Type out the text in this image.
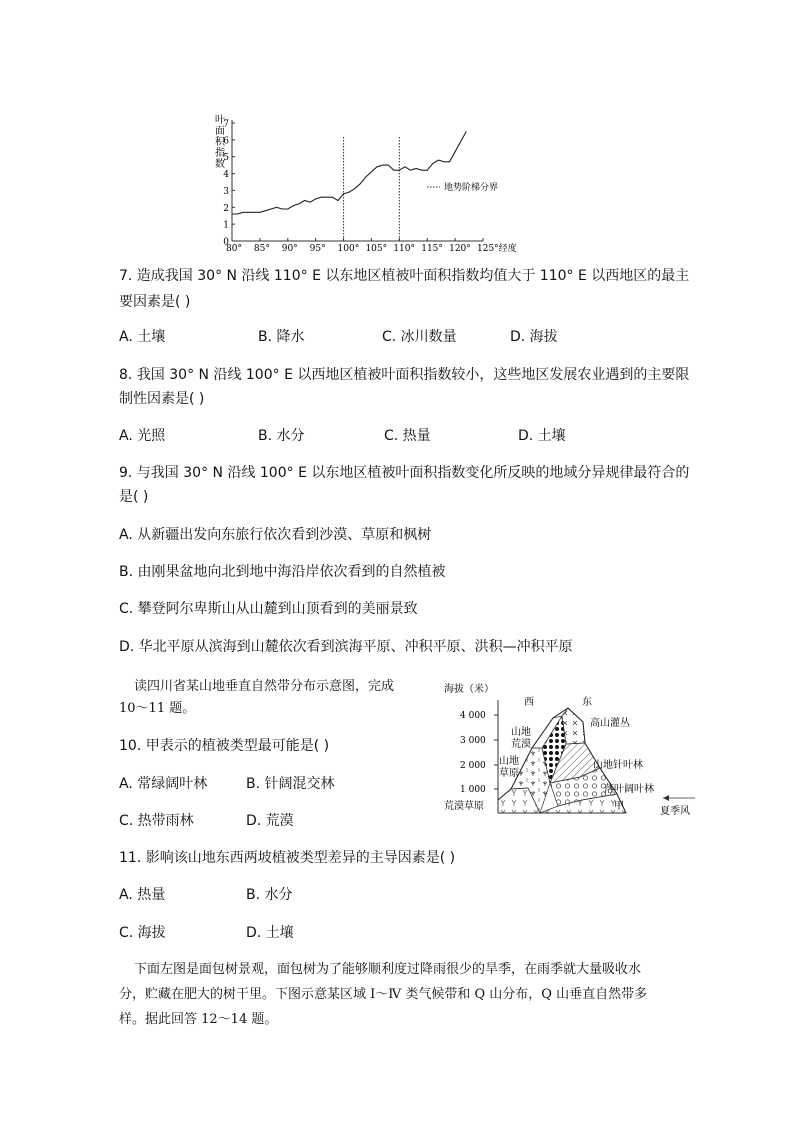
叶
面
积
指
数
0
1
2
3
4
5
6
7
80° 85° 90° 95° 100° 105° 110° 115° 120° 125°经度
地势阶梯分界
7. 造成我国 30° N 沿线 110° E 以东地区植被叶面积指数均值大于 110° E 以西地区的最主
要因素是( )
A. 土壤	B. 降水	C. 冰川数量	D. 海拔
8. 我国 30° N 沿线 100° E 以西地区植被叶面积指数较小，这些地区发展农业遇到的主要限
制性因素是( )
A. 光照	B. 水分	C. 热量	D. 土壤
9. 与我国 30° N 沿线 100° E 以东地区植被叶面积指数变化所反映的地域分异规律最符合的
是( )
A. 从新疆出发向东旅行依次看到沙漠、草原和枫树
B. 由刚果盆地向北到地中海沿岸依次看到的自然植被
C. 攀登阿尔卑斯山从山麓到山顶看到的美丽景致
D. 华北平原从滨海到山麓依次看到滨海平原、冲积平原、洪积—冲积平原
读四川省某山地垂直自然带分布示意图，完成
10～11 题。
10. 甲表示的植被类型最可能是( )
A. 常绿阔叶林	B. 针阔混交林
C. 热带雨林	D. 荒漠
11. 影响该山地东西两坡植被类型差异的主导因素是( )
A. 热量	B. 水分
C. 海拔	D. 土壤
海拔（米）
4 000
3 000
2 000
1 000
西	东
山地荒漠
山地草原
荒漠草原
高山灌丛
山地针叶林
落叶阔叶林
甲	夏季风
下面左图是面包树景观，面包树为了能够顺利度过降雨很少的旱季，在雨季就大量吸收水
分，贮藏在肥大的树干里。下图示意某区域 Ⅰ～Ⅳ 类气候带和 Q 山分布，Q 山垂直自然带多
样。据此回答 12～14 题。
